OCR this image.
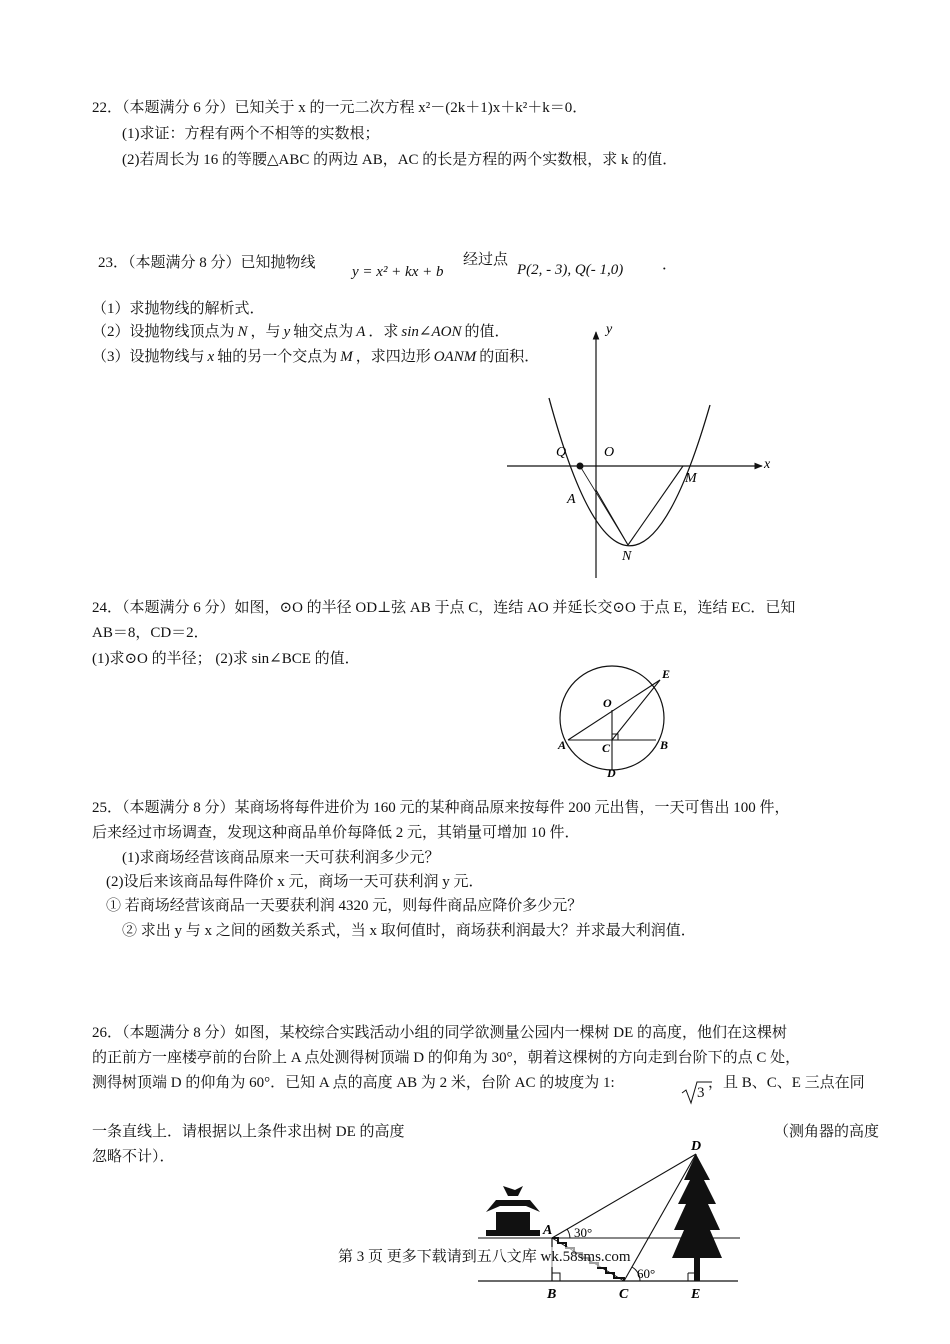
22．（本题满分 6 分）已知关于 x 的一元二次方程 x²－(2k＋1)x＋k²＋k＝0．
(1)求证：方程有两个不相等的实数根；
(2)若周长为 16 的等腰△ABC 的两边 AB，AC 的长是方程的两个实数根，求 k 的值．
23．（本题满分 8 分）已知抛物线
y = x² + kx + b
经过点
P(2, - 3), Q(- 1,0)	．
（1）求抛物线的解析式．
（2）设抛物线顶点为 N ，与 y 轴交点为 A ．求 sin∠AON 的值．
（3）设抛物线与 x 轴的另一个交点为 M ，求四边形 OANM 的面积．
x
y
Q	O
M
A
N
24．（本题满分 6 分）如图，⊙O 的半径 OD⊥弦 AB 于点 C，连结 AO 并延长交⊙O 于点 E，连结 EC．已知
AB＝8，CD＝2．
(1)求⊙O 的半径； (2)求 sin∠BCE 的值．
O
E
A	C	B
D
25．（本题满分 8 分）某商场将每件进价为 160 元的某种商品原来按每件 200 元出售，一天可售出 100 件，
后来经过市场调查，发现这种商品单价每降低 2 元，其销量可增加 10 件．
(1)求商场经营该商品原来一天可获利润多少元？
(2)设后来该商品每件降价 x 元，商场一天可获利润 y 元．
① 若商场经营该商品一天要获利润 4320 元，则每件商品应降价多少元？
② 求出 y 与 x 之间的函数关系式，当 x 取何值时，商场获利润最大？并求最大利润值．
26．（本题满分 8 分）如图，某校综合实践活动小组的同学欲测量公园内一棵树 DE 的高度，他们在这棵树
的正前方一座楼亭前的台阶上 A 点处测得树顶端 D 的仰角为 30°，朝着这棵树的方向走到台阶下的点 C 处，
测得树顶端 D 的仰角为 60°．已知 A 点的高度 AB 为 2 米，台阶 AC 的坡度为 1:
3
，且 B、C、E 三点在同
一条直线上．请根据以上条件求出树 DE 的高度	（测角器的高度
忽略不计）．
D
A 30°
60°
B	C	E
第 3 页 更多下载请到五八文库 wk.58sms.com
